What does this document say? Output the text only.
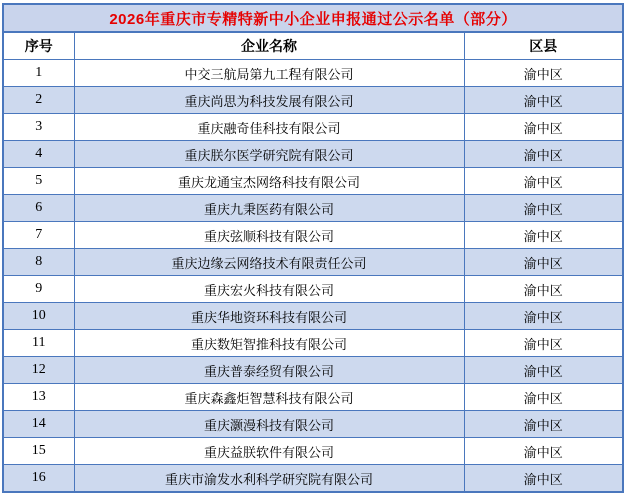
2026年重庆市专精特新中小企业申报通过公示名单（部分）		
序号	企业名称	区县
1	中交三航局第九工程有限公司	渝中区
2	重庆尚思为科技发展有限公司	渝中区
3	重庆融奇佳科技有限公司	渝中区
4	重庆朕尔医学研究院有限公司	渝中区
5	重庆龙通宝杰网络科技有限公司	渝中区
6	重庆九秉医药有限公司	渝中区
7	重庆弦顺科技有限公司	渝中区
8	重庆边缘云网络技术有限责任公司	渝中区
9	重庆宏火科技有限公司	渝中区
10	重庆华地资环科技有限公司	渝中区
11	重庆数矩智推科技有限公司	渝中区
12	重庆普泰经贸有限公司	渝中区
13	重庆森鑫炬智慧科技有限公司	渝中区
14	重庆灏漫科技有限公司	渝中区
15	重庆益朕软件有限公司	渝中区
16	重庆市渝发水利科学研究院有限公司	渝中区
